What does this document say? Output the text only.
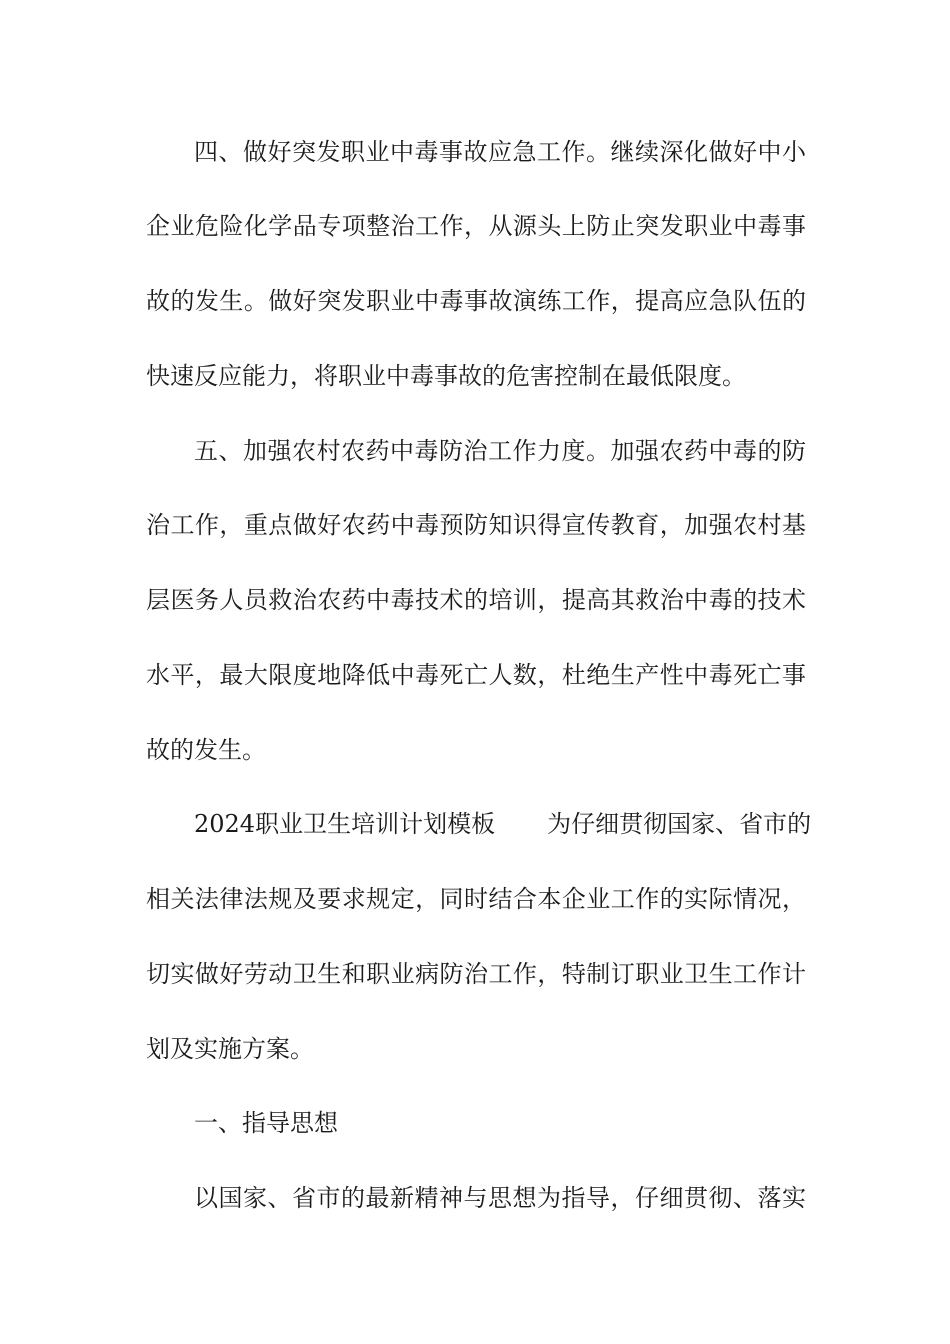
四、做好突发职业中毒事故应急工作。继续深化做好中小
企业危险化学品专项整治工作，从源头上防止突发职业中毒事
故的发生。做好突发职业中毒事故演练工作，提高应急队伍的
快速反应能力，将职业中毒事故的危害控制在最低限度。
五、加强农村农药中毒防治工作力度。加强农药中毒的防
治工作，重点做好农药中毒预防知识得宣传教育，加强农村基
层医务人员救治农药中毒技术的培训，提高其救治中毒的技术
水平，最大限度地降低中毒死亡人数，杜绝生产性中毒死亡事
故的发生。
2024职业卫生培训计划模板 为仔细贯彻国家、省市的
相关法律法规及要求规定，同时结合本企业工作的实际情况，
切实做好劳动卫生和职业病防治工作，特制订职业卫生工作计
划及实施方案。
一、指导思想
以国家、省市的最新精神与思想为指导，仔细贯彻、落实
